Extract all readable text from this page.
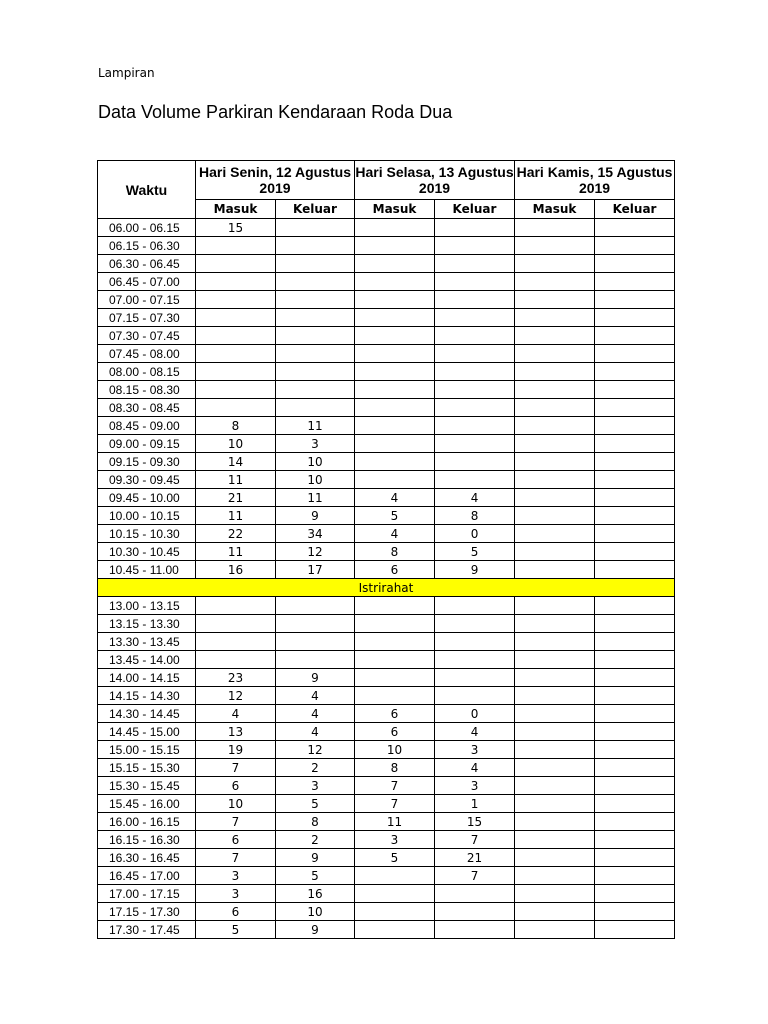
Lampiran
Data Volume Parkiran Kendaraan Roda Dua
Waktu	Hari Senin, 12 Agustus 2019		Hari Selasa, 13 Agustus 2019		Hari Kamis, 15 Agustus 2019	
	Masuk	Keluar	Masuk	Keluar	Masuk	Keluar
06.00 - 06.15	15					
06.15 - 06.30						
06.30 - 06.45						
06.45 - 07.00						
07.00 - 07.15						
07.15 - 07.30						
07.30 - 07.45						
07.45 - 08.00						
08.00 - 08.15						
08.15 - 08.30						
08.30 - 08.45						
08.45 - 09.00	8	11				
09.00 - 09.15	10	3				
09.15 - 09.30	14	10				
09.30 - 09.45	11	10				
09.45 - 10.00	21	11	4	4		
10.00 - 10.15	11	9	5	8		
10.15 - 10.30	22	34	4	0		
10.30 - 10.45	11	12	8	5		
10.45 - 11.00	16	17	6	9		
Istrirahat						
13.00 - 13.15						
13.15 - 13.30						
13.30 - 13.45						
13.45 - 14.00						
14.00 - 14.15	23	9				
14.15 - 14.30	12	4				
14.30 - 14.45	4	4	6	0		
14.45 - 15.00	13	4	6	4		
15.00 - 15.15	19	12	10	3		
15.15 - 15.30	7	2	8	4		
15.30 - 15.45	6	3	7	3		
15.45 - 16.00	10	5	7	1		
16.00 - 16.15	7	8	11	15		
16.15 - 16.30	6	2	3	7		
16.30 - 16.45	7	9	5	21		
16.45 - 17.00	3	5		7		
17.00 - 17.15	3	16				
17.15 - 17.30	6	10				
17.30 - 17.45	5	9				
